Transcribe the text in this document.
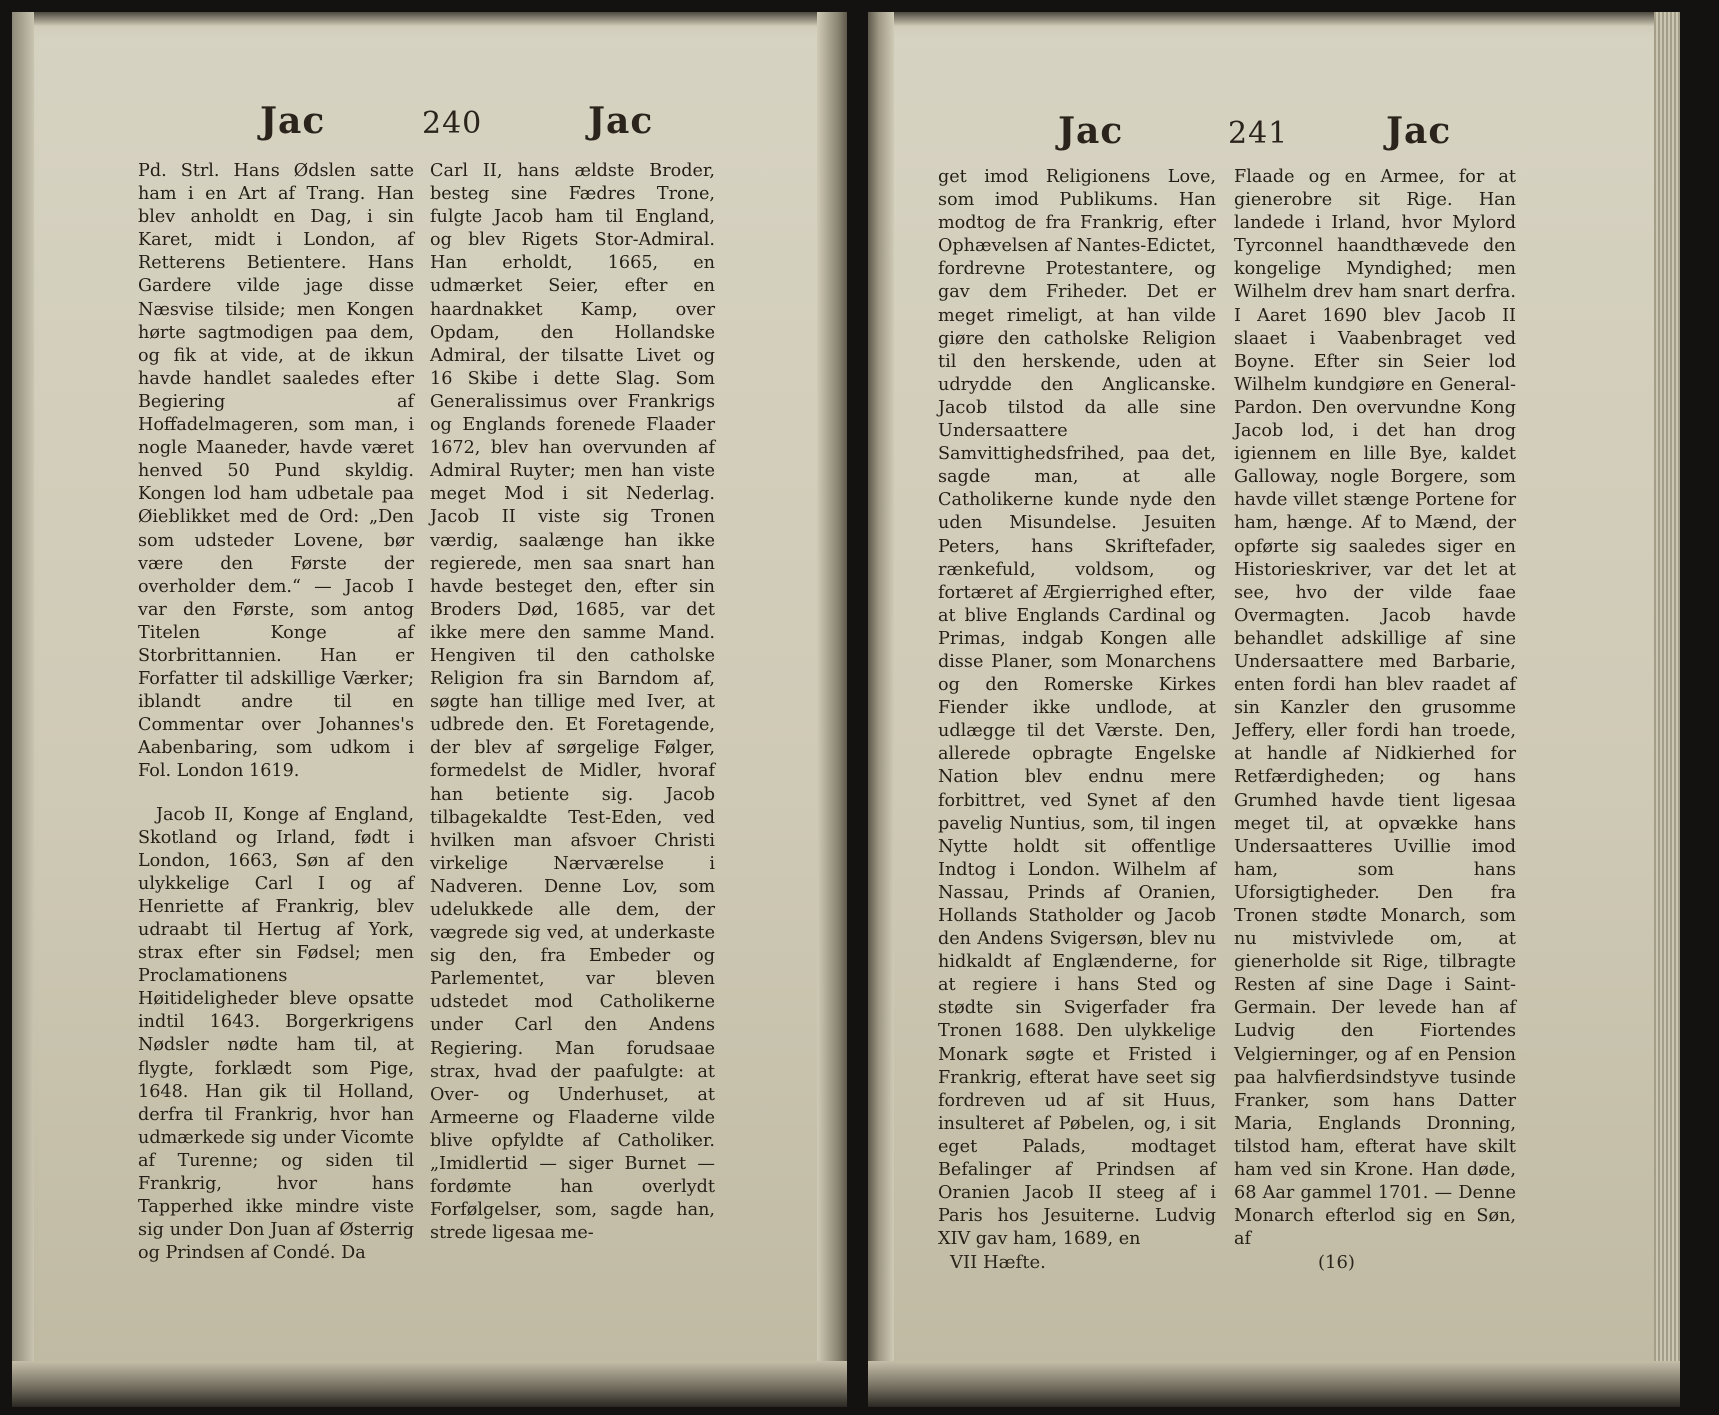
Jac	240	Jac

Pd. Strl. Hans Ødslen satte ham i en Art af Trang. Han blev anholdt en Dag, i sin Karet, midt i London, af Retterens Betientere. Hans Gardere vilde jage disse Næsvise tilside; men Kongen hørte sagtmodigen paa dem, og fik at vide, at de ikkun havde handlet saaledes efter Begiering af Hoffadelmageren, som man, i nogle Maaneder, havde været henved 50 Pund skyldig. Kongen lod ham udbetale paa Øieblikket med de Ord: „Den som udsteder Lovene, bør være den Første der overholder dem.“ — Jacob I var den Første, som antog Titelen Konge af Storbrittannien. Han er Forfatter til adskillige Værker; iblandt andre til en Commentar over Johannes's Aabenbaring, som udkom i Fol. London 1619.

Jacob II, Konge af England, Skotland og Irland, født i London, 1663, Søn af den ulykkelige Carl I og af Henriette af Frankrig, blev udraabt til Hertug af York, strax efter sin Fødsel; men Proclamationens Høitideligheder bleve opsatte indtil 1643. Borgerkrigens Nødsler nødte ham til, at flygte, forklædt som Pige, 1648. Han gik til Holland, derfra til Frankrig, hvor han udmærkede sig under Vicomte af Turenne; og siden til Frankrig, hvor hans Tapperhed ikke mindre viste sig under Don Juan af Østerrig og Prindsen af Condé. Da

Carl II, hans ældste Broder, besteg sine Fædres Trone, fulgte Jacob ham til England, og blev Rigets Stor-Admiral. Han erholdt, 1665, en udmærket Seier, efter en haardnakket Kamp, over Opdam, den Hollandske Admiral, der tilsatte Livet og 16 Skibe i dette Slag. Som Generalissimus over Frankrigs og Englands forenede Flaader 1672, blev han overvunden af Admiral Ruyter; men han viste meget Mod i sit Nederlag. Jacob II viste sig Tronen værdig, saalænge han ikke regierede, men saa snart han havde besteget den, efter sin Broders Død, 1685, var det ikke mere den samme Mand. Hengiven til den catholske Religion fra sin Barndom af, søgte han tillige med Iver, at udbrede den. Et Foretagende, der blev af sørgelige Følger, formedelst de Midler, hvoraf han betiente sig. Jacob tilbagekaldte Test-Eden, ved hvilken man afsvoer Christi virkelige Nærværelse i Nadveren. Denne Lov, som udelukkede alle dem, der vægrede sig ved, at underkaste sig den, fra Embeder og Parlementet, var bleven udstedet mod Catholikerne under Carl den Andens Regiering. Man forudsaae strax, hvad der paafulgte: at Over- og Underhuset, at Armeerne og Flaaderne vilde blive opfyldte af Catholiker. „Imidlertid — siger Burnet — fordømte han overlydt Forfølgelser, som, sagde han, strede ligesaa me-

Jac	241	Jac

get imod Religionens Love, som imod Publikums. Han modtog de fra Frankrig, efter Ophævelsen af Nantes-Edictet, fordrevne Protestantere, og gav dem Friheder. Det er meget rimeligt, at han vilde giøre den catholske Religion til den herskende, uden at udrydde den Anglicanske. Jacob tilstod da alle sine Undersaattere Samvittighedsfrihed, paa det, sagde man, at alle Catholikerne kunde nyde den uden Misundelse. Jesuiten Peters, hans Skriftefader, rænkefuld, voldsom, og fortæret af Ærgierrighed efter, at blive Englands Cardinal og Primas, indgab Kongen alle disse Planer, som Monarchens og den Romerske Kirkes Fiender ikke undlode, at udlægge til det Værste. Den, allerede opbragte Engelske Nation blev endnu mere forbittret, ved Synet af den pavelig Nuntius, som, til ingen Nytte holdt sit offentlige Indtog i London. Wilhelm af Nassau, Prinds af Oranien, Hollands Statholder og Jacob den Andens Svigersøn, blev nu hidkaldt af Englænderne, for at regiere i hans Sted og stødte sin Svigerfader fra Tronen 1688. Den ulykkelige Monark søgte et Fristed i Frankrig, efterat have seet sig fordreven ud af sit Huus, insulteret af Pøbelen, og, i sit eget Palads, modtaget Befalinger af Prindsen af Oranien Jacob II steeg af i Paris hos Jesuiterne. Ludvig XIV gav ham, 1689, en

Flaade og en Armee, for at gienerobre sit Rige. Han landede i Irland, hvor Mylord Tyrconnel haandthævede den kongelige Myndighed; men Wilhelm drev ham snart derfra. I Aaret 1690 blev Jacob II slaaet i Vaabenbraget ved Boyne. Efter sin Seier lod Wilhelm kundgiøre en General-Pardon. Den overvundne Kong Jacob lod, i det han drog igiennem en lille Bye, kaldet Galloway, nogle Borgere, som havde villet stænge Portene for ham, hænge. Af to Mænd, der opførte sig saaledes siger en Historieskriver, var det let at see, hvo der vilde faae Overmagten. Jacob havde behandlet adskillige af sine Undersaattere med Barbarie, enten fordi han blev raadet af sin Kanzler den grusomme Jeffery, eller fordi han troede, at handle af Nidkierhed for Retfærdigheden; og hans Grumhed havde tient ligesaa meget til, at opvække hans Undersaatteres Uvillie imod ham, som hans Uforsigtigheder. Den fra Tronen stødte Monarch, som nu mistvivlede om, at gienerholde sit Rige, tilbragte Resten af sine Dage i Saint-Germain. Der levede han af Ludvig den Fiortendes Velgierninger, og af en Pension paa halvfierdsindstyve tusinde Franker, som hans Datter Maria, Englands Dronning, tilstod ham, efterat have skilt ham ved sin Krone. Han døde, 68 Aar gammel 1701. — Denne Monarch efterlod sig en Søn, af

VII Hæfte.	(16)
